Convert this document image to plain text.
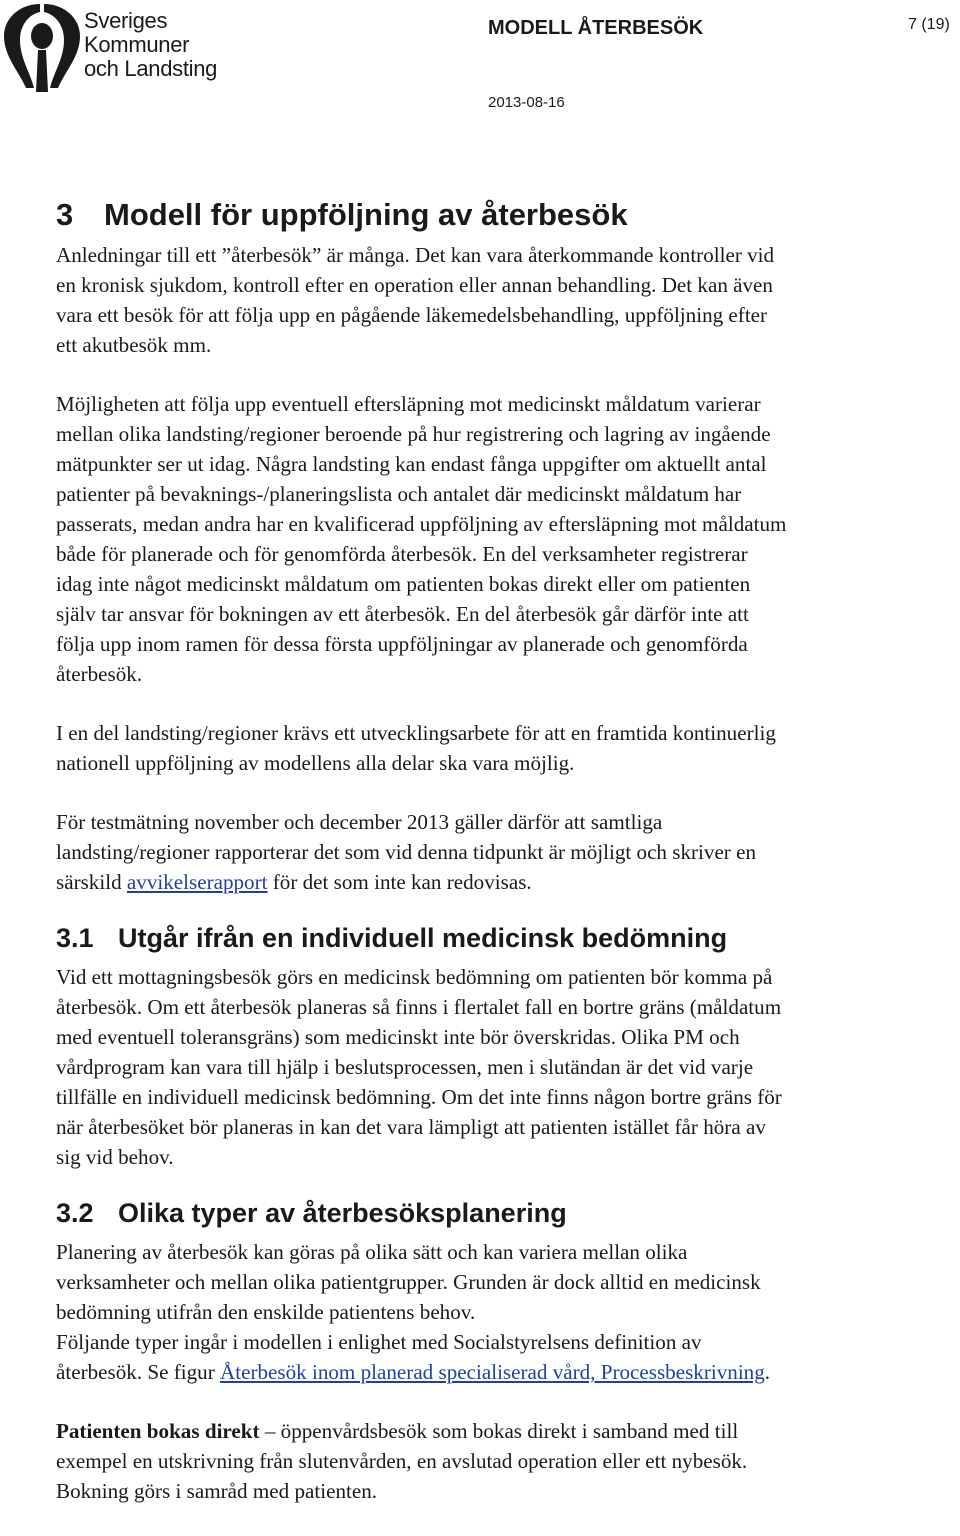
Sveriges
Kommuner
och Landsting
MODELL ÅTERBESÖK	7 (19)
2013-08-16
3 Modell för uppföljning av återbesök

Anledningar till ett ”återbesök” är många. Det kan vara återkommande kontroller vid

en kronisk sjukdom, kontroll efter en operation eller annan behandling. Det kan även

vara ett besök för att följa upp en pågående läkemedelsbehandling, uppföljning efter

ett akutbesök mm.

Möjligheten att följa upp eventuell eftersläpning mot medicinskt måldatum varierar

mellan olika landsting/regioner beroende på hur registrering och lagring av ingående

mätpunkter ser ut idag. Några landsting kan endast fånga uppgifter om aktuellt antal

patienter på bevaknings-/planeringslista och antalet där medicinskt måldatum har

passerats, medan andra har en kvalificerad uppföljning av eftersläpning mot måldatum

både för planerade och för genomförda återbesök. En del verksamheter registrerar

idag inte något medicinskt måldatum om patienten bokas direkt eller om patienten

själv tar ansvar för bokningen av ett återbesök. En del återbesök går därför inte att

följa upp inom ramen för dessa första uppföljningar av planerade och genomförda

återbesök.

I en del landsting/regioner krävs ett utvecklingsarbete för att en framtida kontinuerlig

nationell uppföljning av modellens alla delar ska vara möjlig.

För testmätning november och december 2013 gäller därför att samtliga

landsting/regioner rapporterar det som vid denna tidpunkt är möjligt och skriver en

särskild avvikelserapport för det som inte kan redovisas.

3.1 Utgår ifrån en individuell medicinsk bedömning

Vid ett mottagningsbesök görs en medicinsk bedömning om patienten bör komma på

återbesök. Om ett återbesök planeras så finns i flertalet fall en bortre gräns (måldatum

med eventuell toleransgräns) som medicinskt inte bör överskridas. Olika PM och

vårdprogram kan vara till hjälp i beslutsprocessen, men i slutändan är det vid varje

tillfälle en individuell medicinsk bedömning. Om det inte finns någon bortre gräns för

när återbesöket bör planeras in kan det vara lämpligt att patienten istället får höra av

sig vid behov.

3.2 Olika typer av återbesöksplanering

Planering av återbesök kan göras på olika sätt och kan variera mellan olika

verksamheter och mellan olika patientgrupper. Grunden är dock alltid en medicinsk

bedömning utifrån den enskilde patientens behov.

Följande typer ingår i modellen i enlighet med Socialstyrelsens definition av

återbesök. Se figur Återbesök inom planerad specialiserad vård, Processbeskrivning.

Patienten bokas direkt – öppenvårdsbesök som bokas direkt i samband med till

exempel en utskrivning från slutenvården, en avslutad operation eller ett nybesök.

Bokning görs i samråd med patienten.
